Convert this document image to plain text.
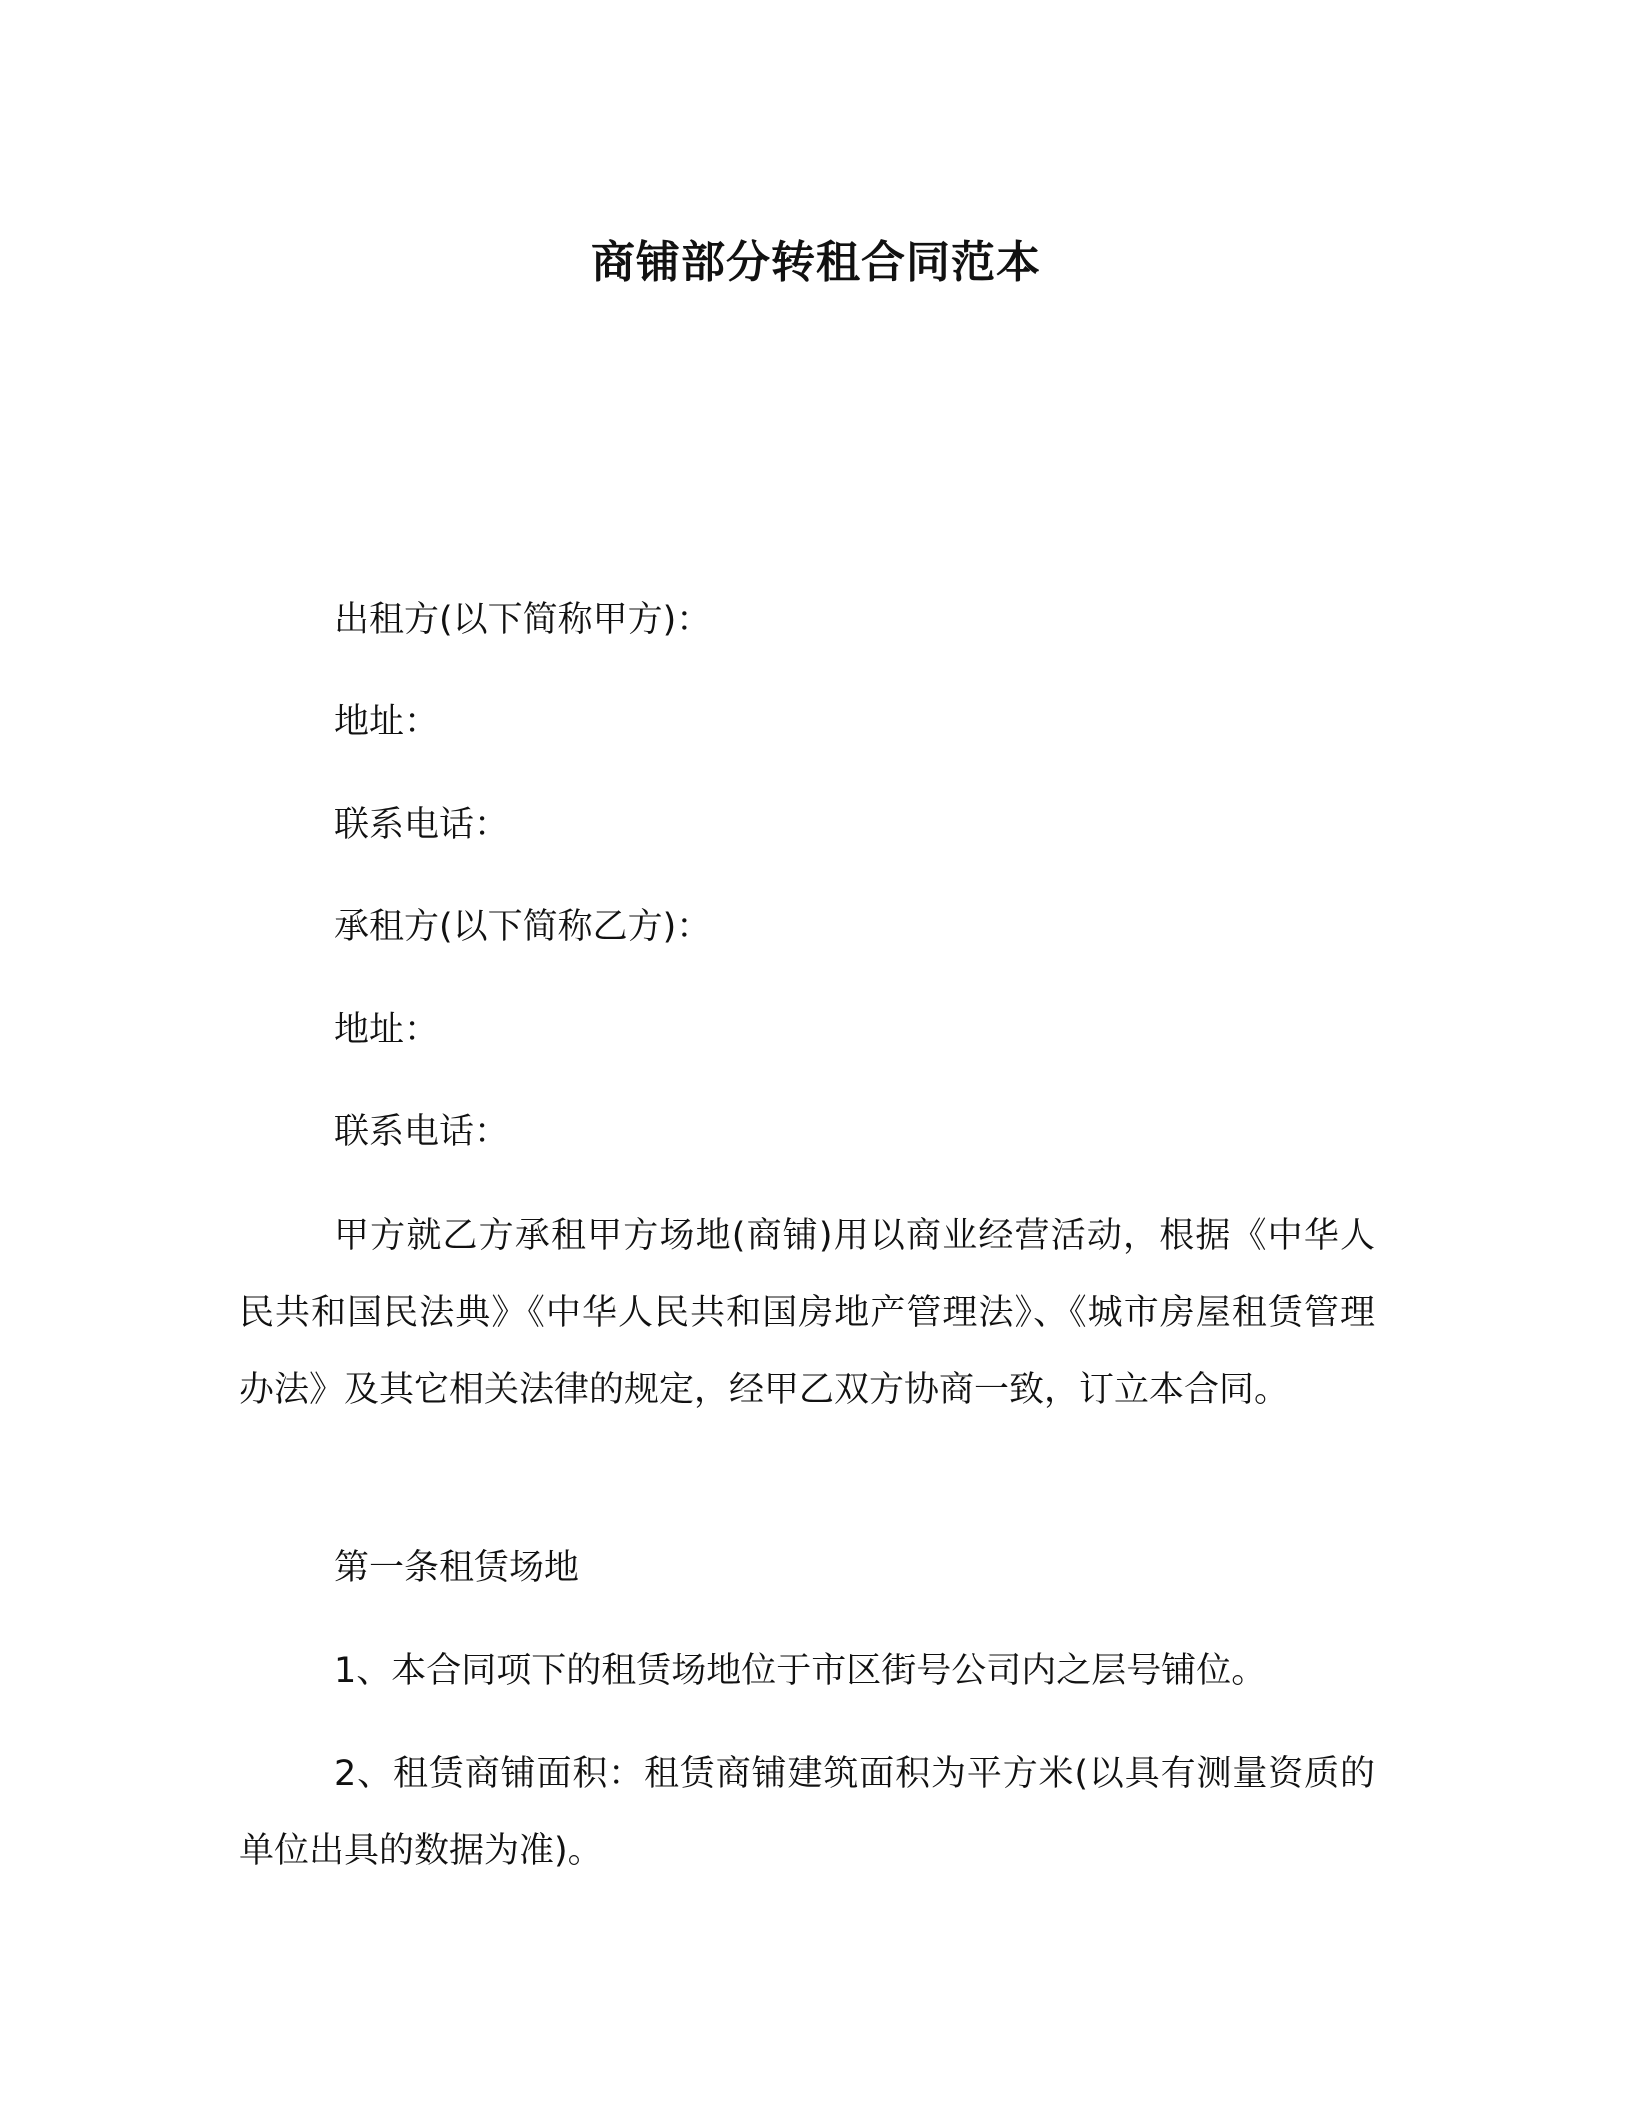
商铺部分转租合同范本

出租方(以下简称甲方)：

地址：

联系电话：

承租方(以下简称乙方)：

地址：

联系电话：

甲方就乙方承租甲方场地(商铺)用以商业经营活动，根据《中华人民共和国民法典》《中华人民共和国房地产管理法》、《城市房屋租赁管理办法》及其它相关法律的规定，经甲乙双方协商一致，订立本合同。

第一条租赁场地

1、本合同项下的租赁场地位于市区街号公司内之层号铺位。

2、租赁商铺面积：租赁商铺建筑面积为平方米(以具有测量资质的单位出具的数据为准)。
